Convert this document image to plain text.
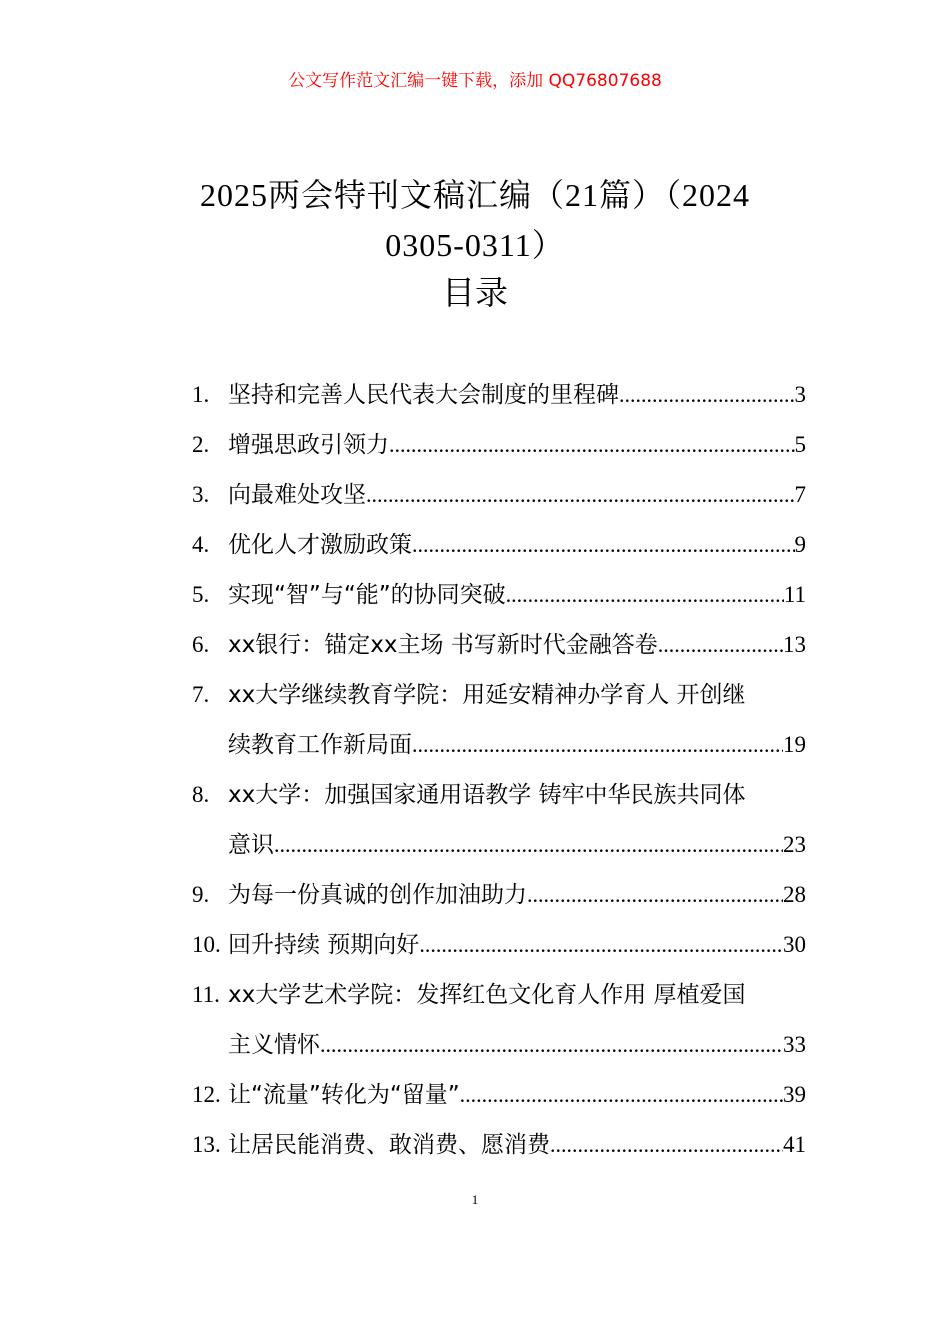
公文写作范文汇编一键下载，添加 QQ76807688
2025两会特刊文稿汇编（21篇）（2024
0305-0311）
目录
1. 坚持和完善人民代表大会制度的里程碑 .....	3
2. 增强思政引领力 .....	5
3. 向最难处攻坚 .....	7
4. 优化人才激励政策 .....	9
5. 实现“智”与“能”的协同突破 .....	11
6. xx银行：锚定xx主场 书写新时代金融答卷 .....	13
7. xx大学继续教育学院：用延安精神办学育人 开创继
续教育工作新局面 .....	19
8. xx大学：加强国家通用语教学 铸牢中华民族共同体
意识 .....	23
9. 为每一份真诚的创作加油助力 .....	28
10. 回升持续 预期向好 .....	30
11. xx大学艺术学院：发挥红色文化育人作用 厚植爱国
主义情怀 .....	33
12. 让“流量”转化为“留量” .....	39
13. 让居民能消费、敢消费、愿消费 .....	41
1
